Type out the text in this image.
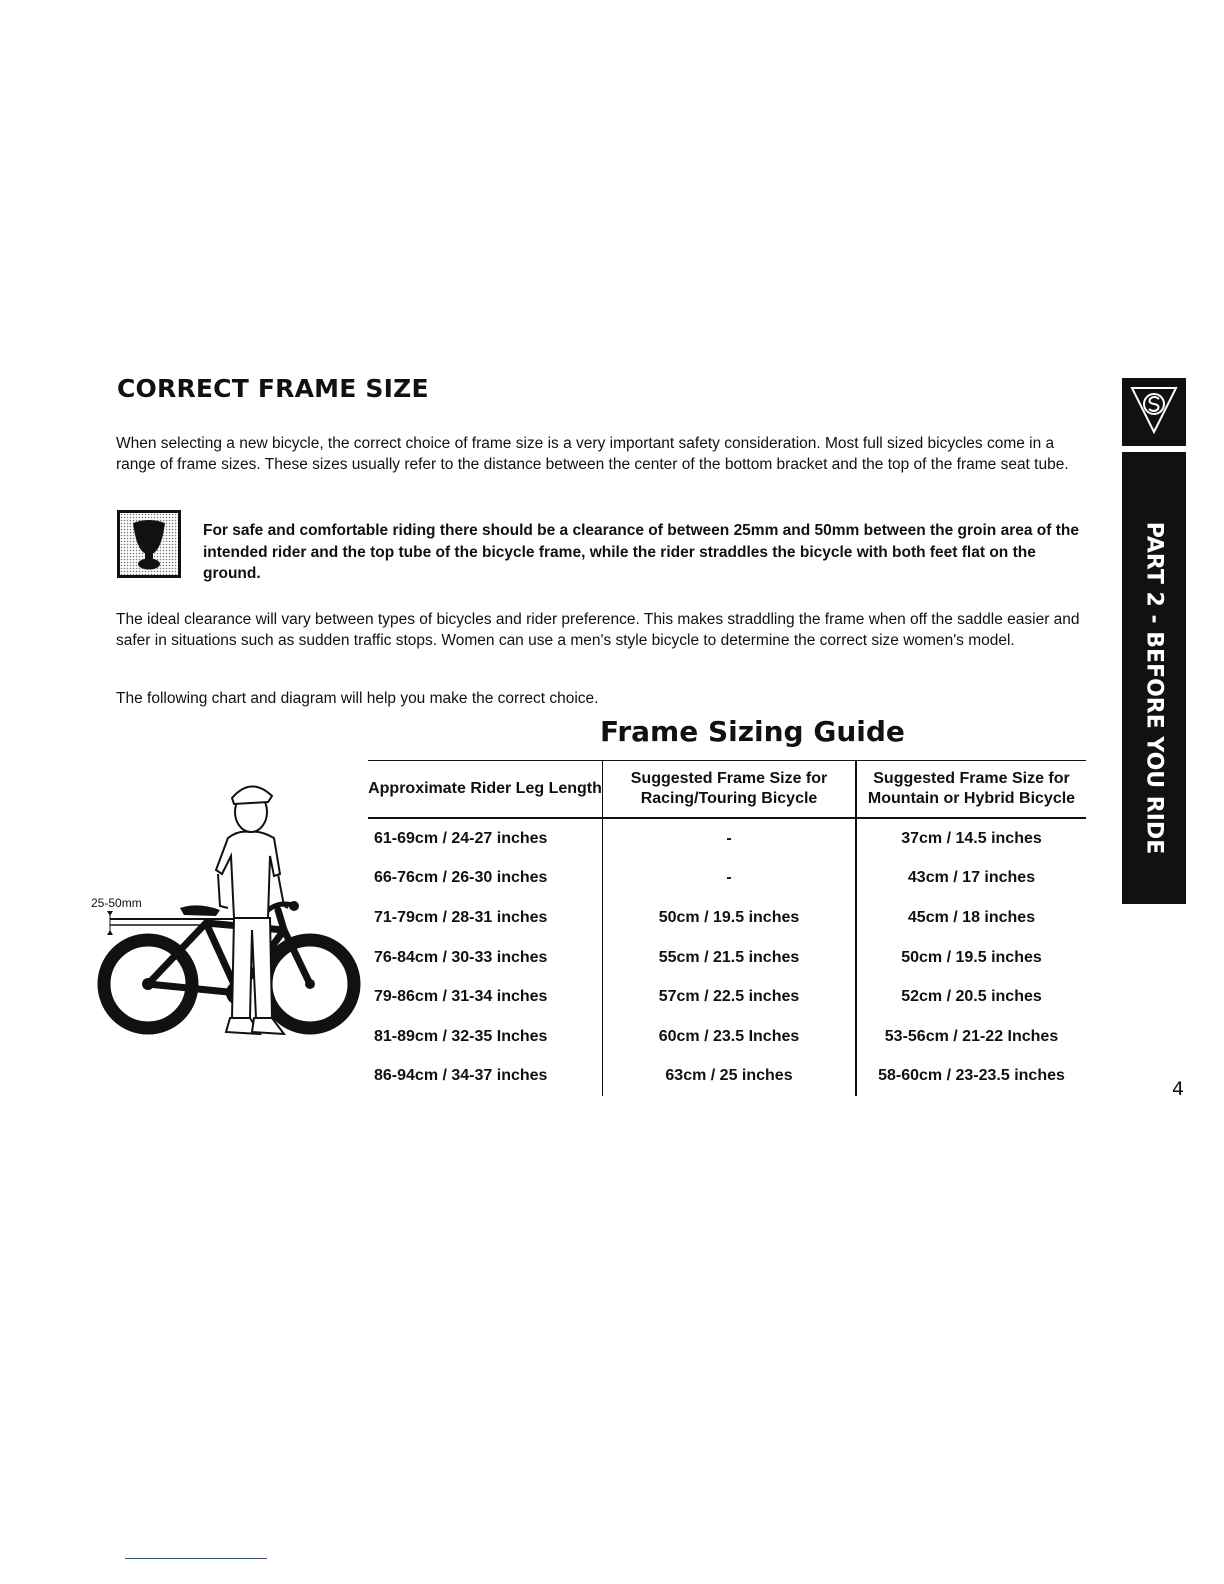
CORRECT FRAME SIZE

When selecting a new bicycle, the correct choice of frame size is a very important safety consideration. Most full sized bicycles come in a range of frame sizes. These sizes usually refer to the distance between the center of the bottom bracket and the top of the frame seat tube.

For safe and comfortable riding there should be a clearance of between 25mm and 50mm between the groin area of the intended rider and the top tube of the bicycle frame, while the rider straddles the bicycle with both feet flat on the ground.

The ideal clearance will vary between types of bicycles and rider preference. This makes straddling the frame when off the saddle easier and safer in situations such as sudden traffic stops. Women can use a men's style bicycle to determine the correct size women's model.

The following chart and diagram will help you make the correct choice.

Frame Sizing Guide
Approximate Rider Leg Length	Suggested Frame Size for Racing/Touring Bicycle	Suggested Frame Size for Mountain or Hybrid Bicycle
61-69cm / 24-27 inches	-	37cm / 14.5 inches
66-76cm / 26-30 inches	-	43cm / 17 inches
71-79cm / 28-31 inches	50cm / 19.5 inches	45cm / 18 inches
76-84cm / 30-33 inches	55cm / 21.5 inches	50cm / 19.5 inches
79-86cm / 31-34 inches	57cm / 22.5 inches	52cm / 20.5 inches
81-89cm / 32-35 Inches	60cm / 23.5 Inches	53-56cm / 21-22 Inches
86-94cm / 34-37 inches	63cm / 25 inches	58-60cm / 23-23.5 inches
25-50mm
PART 2 - BEFORE YOU RIDE
4
